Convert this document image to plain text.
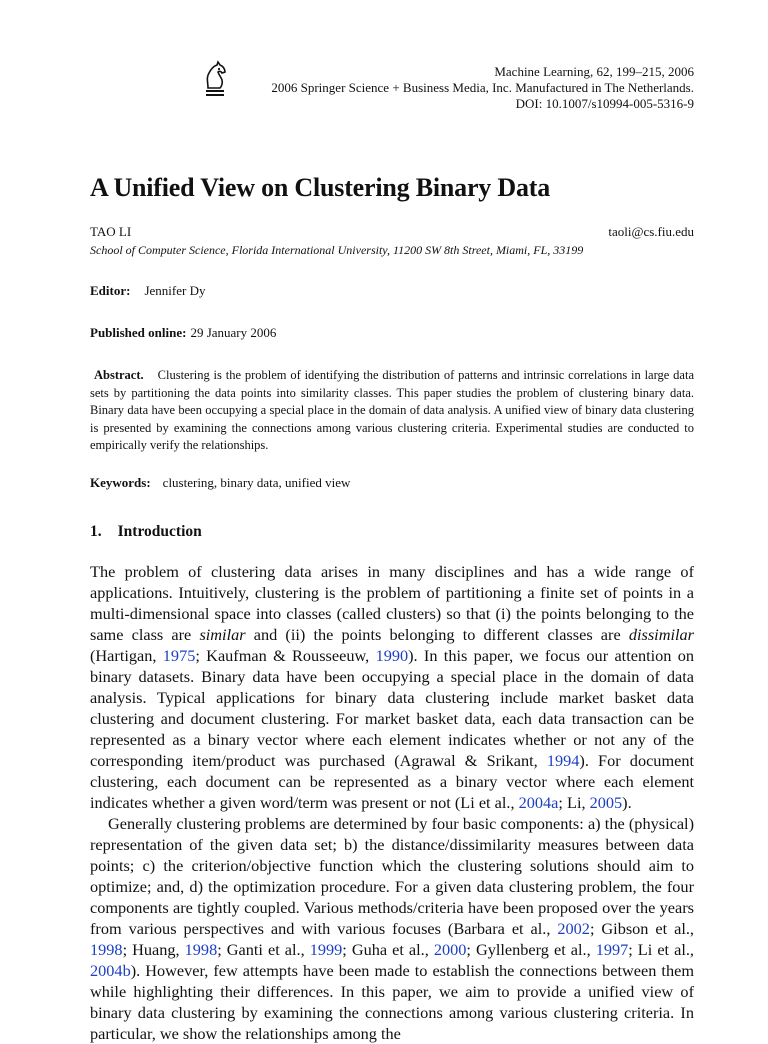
Machine Learning, 62, 199–215, 2006
2006 Springer Science + Business Media, Inc. Manufactured in The Netherlands.
DOI: 10.1007/s10994-005-5316-9
A Unified View on Clustering Binary Data
TAO LI	taoli@cs.fiu.edu
School of Computer Science, Florida International University, 11200 SW 8th Street, Miami, FL, 33199
Editor: Jennifer Dy
Published online: 29 January 2006
Abstract. Clustering is the problem of identifying the distribution of patterns and intrinsic correlations in large data sets by partitioning the data points into similarity classes. This paper studies the problem of clustering binary data. Binary data have been occupying a special place in the domain of data analysis. A unified view of binary data clustering is presented by examining the connections among various clustering criteria. Experimental studies are conducted to empirically verify the relationships.
Keywords: clustering, binary data, unified view
1. Introduction

The problem of clustering data arises in many disciplines and has a wide range of applications. Intuitively, clustering is the problem of partitioning a finite set of points in a multi-dimensional space into classes (called clusters) so that (i) the points belonging to the same class are similar and (ii) the points belonging to different classes are dissimilar (Hartigan, 1975; Kaufman & Rousseeuw, 1990). In this paper, we focus our attention on binary datasets. Binary data have been occupying a special place in the domain of data analysis. Typical applications for binary data clustering include market basket data clustering and document clustering. For market basket data, each data transaction can be represented as a binary vector where each element indicates whether or not any of the corresponding item/product was purchased (Agrawal & Srikant, 1994). For document clustering, each document can be represented as a binary vector where each element indicates whether a given word/term was present or not (Li et al., 2004a; Li, 2005).

Generally clustering problems are determined by four basic components: a) the (physical) representation of the given data set; b) the distance/dissimilarity measures between data points; c) the criterion/objective function which the clustering solutions should aim to optimize; and, d) the optimization procedure. For a given data clustering problem, the four components are tightly coupled. Various methods/criteria have been proposed over the years from various perspectives and with various focuses (Barbara et al., 2002; Gibson et al., 1998; Huang, 1998; Ganti et al., 1999; Guha et al., 2000; Gyllenberg et al., 1997; Li et al., 2004b). However, few attempts have been made to establish the connections between them while highlighting their differences. In this paper, we aim to provide a unified view of binary data clustering by examining the connections among various clustering criteria. In particular, we show the relationships among the
